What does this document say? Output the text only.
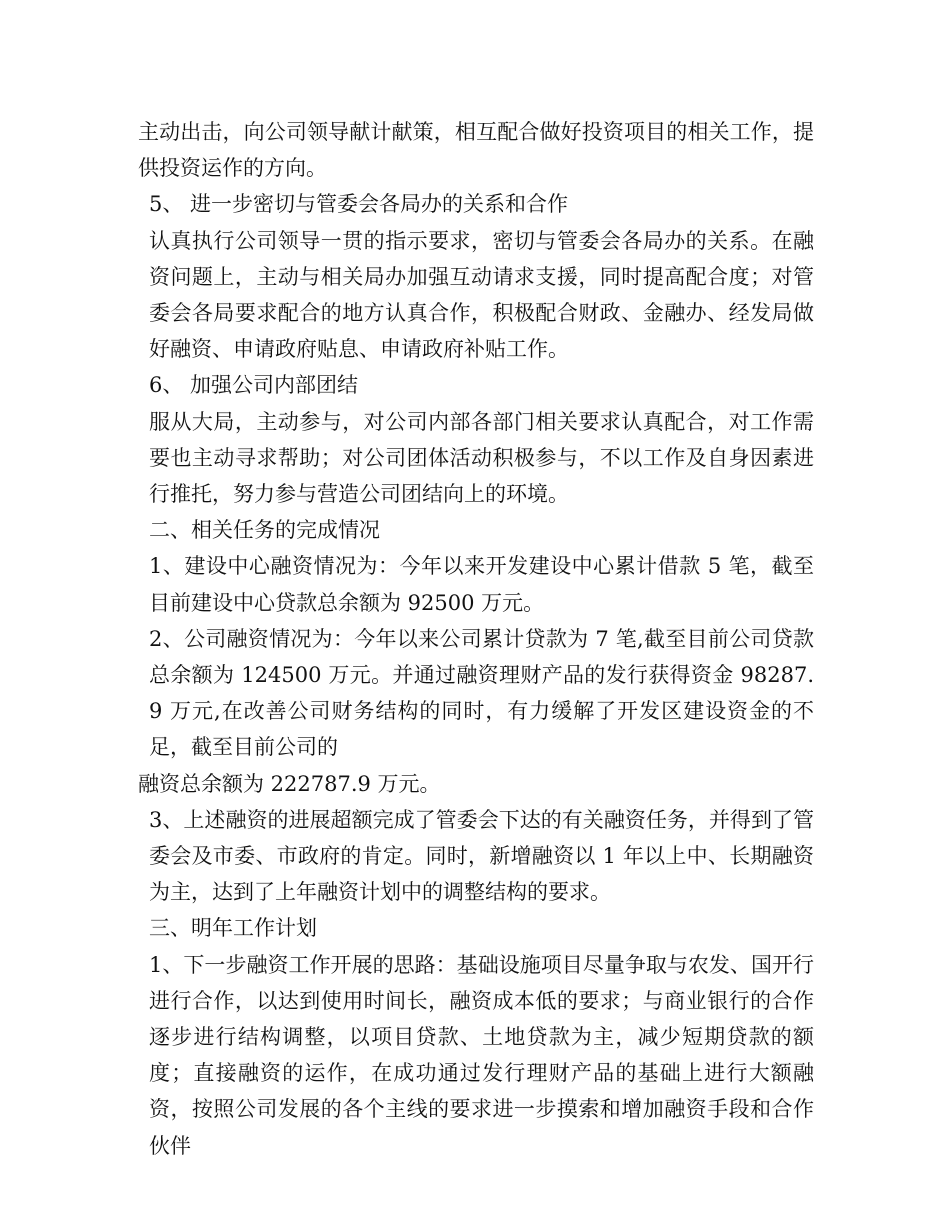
主动出击，向公司领导献计献策，相互配合做好投资项目的相关工作，提供投资运作的方向。

5、 进一步密切与管委会各局办的关系和合作

认真执行公司领导一贯的指示要求，密切与管委会各局办的关系。在融资问题上，主动与相关局办加强互动请求支援，同时提高配合度；对管委会各局要求配合的地方认真合作，积极配合财政、金融办、经发局做好融资、申请政府贴息、申请政府补贴工作。

6、 加强公司内部团结

服从大局，主动参与，对公司内部各部门相关要求认真配合，对工作需要也主动寻求帮助；对公司团体活动积极参与，不以工作及自身因素进行推托，努力参与营造公司团结向上的环境。

二、相关任务的完成情况

1、建设中心融资情况为：今年以来开发建设中心累计借款 5 笔，截至目前建设中心贷款总余额为 92500 万元。

2、公司融资情况为：今年以来公司累计贷款为 7 笔,截至目前公司贷款总余额为 124500 万元。并通过融资理财产品的发行获得资金 98287.9 万元,在改善公司财务结构的同时，有力缓解了开发区建设资金的不足，截至目前公司的

融资总余额为 222787.9 万元。

3、上述融资的进展超额完成了管委会下达的有关融资任务，并得到了管委会及市委、市政府的肯定。同时，新增融资以 1 年以上中、长期融资为主，达到了上年融资计划中的调整结构的要求。

三、明年工作计划

1、下一步融资工作开展的思路：基础设施项目尽量争取与农发、国开行进行合作，以达到使用时间长，融资成本低的要求；与商业银行的合作逐步进行结构调整，以项目贷款、土地贷款为主，减少短期贷款的额度；直接融资的运作，在成功通过发行理财产品的基础上进行大额融资，按照公司发展的各个主线的要求进一步摸索和增加融资手段和合作伙伴
